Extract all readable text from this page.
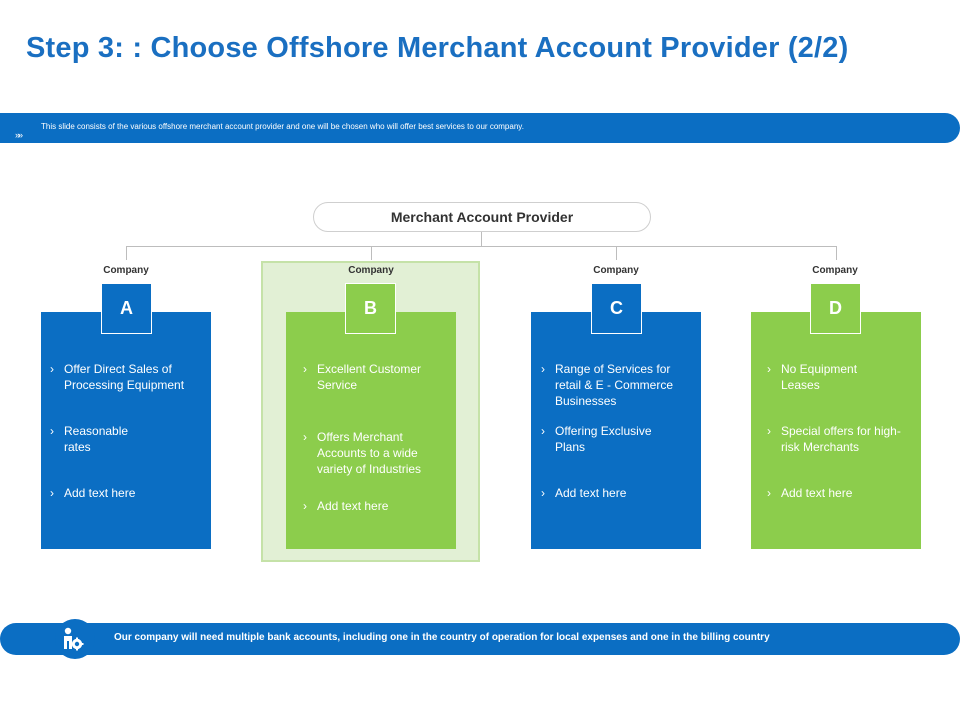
Step 3: : Choose Offshore Merchant Account Provider (2/2)
»»
This slide consists of the various offshore merchant account provider and one will be chosen who will offer best services to our company.
Merchant Account Provider
Company
A
› Offer Direct Sales of Processing Equipment
› Reasonable rates
› Add text here
Company
B
› Excellent Customer Service
› Offers Merchant Accounts to a wide variety of Industries
› Add text here
Company
C
› Range of Services for retail & E - Commerce Businesses
› Offering Exclusive Plans
› Add text here
Company
D
› No Equipment Leases
› Special offers for high-risk Merchants
› Add text here
Our company will need multiple bank accounts, including one in the country of operation for local expenses and one in the billing country
